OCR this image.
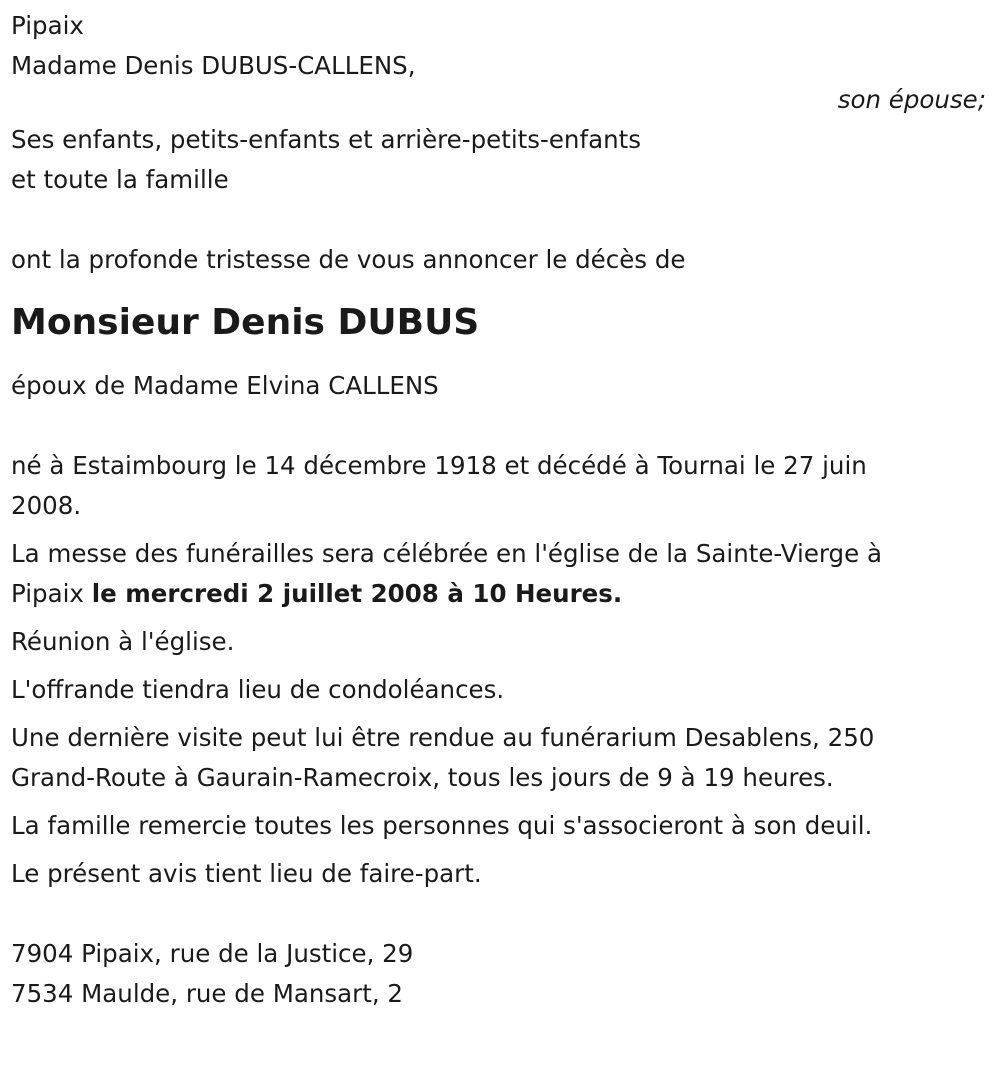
Pipaix
Madame Denis DUBUS-CALLENS,
son épouse;
Ses enfants, petits-enfants et arrière-petits-enfants
et toute la famille
ont la profonde tristesse de vous annoncer le décès de
Monsieur Denis DUBUS
époux de Madame Elvina CALLENS

né à Estaimbourg le 14 décembre 1918 et décédé à Tournai le 27 juin
2008.

La messe des funérailles sera célébrée en l'église de la Sainte-Vierge à
Pipaix le mercredi 2 juillet 2008 à 10 Heures.

Réunion à l'église.

L'offrande tiendra lieu de condoléances.

Une dernière visite peut lui être rendue au funérarium Desablens, 250
Grand-Route à Gaurain-Ramecroix, tous les jours de 9 à 19 heures.

La famille remercie toutes les personnes qui s'associeront à son deuil.

Le présent avis tient lieu de faire-part.

7904 Pipaix, rue de la Justice, 29
7534 Maulde, rue de Mansart, 2
